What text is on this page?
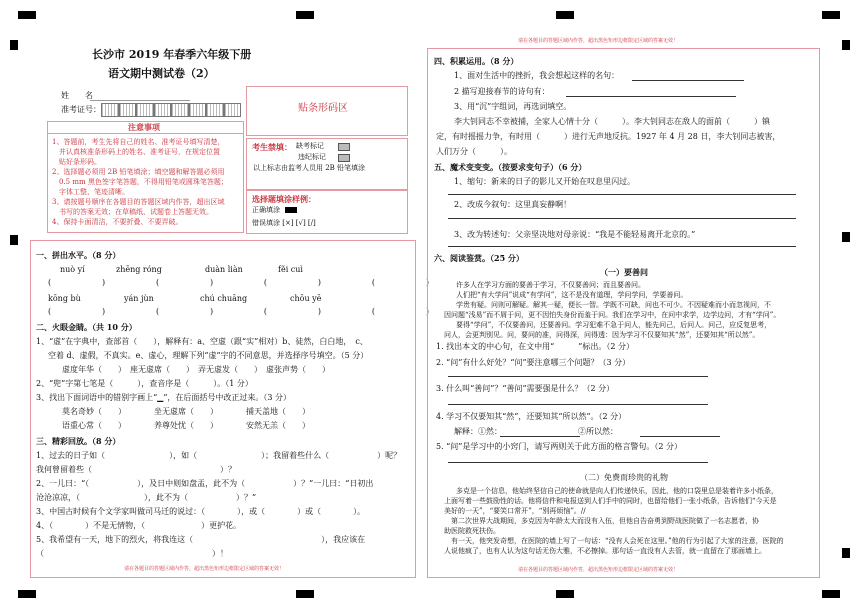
长沙市 2019 年春季六年级下册
语文期中测试卷（2）
姓　　名
准考证号：	贴条形码区
注意事项
1、答题前，考生先将自己的姓名、准考证号填写清楚，
　并认真核准条形码上的姓名、准考证号，在规定位置
　贴好条形码。
2、选择题必须用 2B 铅笔填涂；填空题和解答题必须用
　0.5 mm 黑色签字笔答题，不得用铅笔或圆珠笔答题；
　字体工整、笔迹清晰。
3、请按题号顺序在各题目的答题区域内作答，超出区域
　书写的答案无效；在草稿纸、试题卷上答题无效。
4、保持卡面清洁，不要折叠、不要弄破。
考生禁填： 缺考标记
违纪标记
以上标志由监考人员用 2B 铅笔填涂
选择题填涂样例：
正确填涂
错误填涂 [×] [√] [/]
请在各题目的答题区域内作答，超出黑色矩形边框限定区域的答案无效！
一、拼出水平。（8 分）
nuò yí	zhēng róng	duàn liàn	fěi cuì
(                    )                    (                    )                    (                    )                    (                    )
kōng bù	yán jùn	chú chuāng	chōu yē
(                    )                    (                    )                    (                    )                    (                    )
二、火眼金睛。（共 10 分）
1、“虚”在字典中，查部首（　　），解释有：a、空虚（跟“实”相对）b、徒然，白白地，　c、
空着 d、虚假，不真实。e、虚心，理解下列“虚”字的不同意思，并选择序号填空。（5 分）
虚度年华（　　）　座无虚席（　　）　弄无虚发（　　）　虚张声势（　　）
2、“兜”字第七笔是（　　　），查音序是（　　　）。（1 分）
3、找出下面词语中的错别字画上“▁”，在后面括号中改正过来。（3 分）
莫名奇妙（　　）　　　　坐无虚席（　　）　　　　捕天盖地（　　）
语重心常（　　）　　　　养尊处忧（　　）　　　　安然无羔（　　）
三、精彩回放。（8 分）
1、过去的日子如（　　　　　　　　），如（　　　　　　　　）；我留着些什么（　　　　　　）呢？
我何曾留着些（　　　　　　　　　　　　　　　　）？
2、一儿曰：“（　　　　　　），及日中则如盘盂，此不为（　　　　　　）？”一儿曰：“日初出
沧沧凉凉，（　　　　　　　　），此不为（　　　　　　）？”
3、中国古时候有个文学家叫做司马迁的说过：（　　　　），或（　　　　）或（　　　　）。
4、（　　　　）不是无情物，（　　　　　　　）更护花。
5、我希望有一天，地下的烈火，将我连这（　　　　　　　　　　　　　　　　），我应该在
（　　　　　　　　　　　　　　　　　　　　　）！
请在各题目的答题区域内作答，超出黑色矩形边框限定区域的答案无效！
请在各题目的答题区域内作答，超出黑色矩形边框限定区域的答案无效！
四、积累运用。（8 分）
1、面对生活中的挫折，我会想起这样的名句：
2 描写迎接春节的诗句有：
3、用“沉”字组词，再选词填空。
李大钊同志不幸被捕，全家人心情十分（　　　）。李大钊同志在敌人的面前（　　　）镇
定，有时摇摇力争，有时用（　　　）进行无声地反抗。1927 年 4 月 28 日，李大钊同志被害，
人们万分（　　　）。
五、魔术变变变。（按要求变句子）（6 分）
1、缩句：新来的日子的影儿又开始在叹息里闪过。
2、改成今叙句：这里真妄静啊！
3、改为转述句：父亲坚决地对母亲说：“我是不能轻易离开北京的。”
六、阅读鉴赏。（25 分）
（一）要善问
许多人在学习方面的要善于学习，不仅要善问；而且要善问。
人们把“有大学问”说成“有学问”，这不是没有道理，学问学问，学要善问。
学贵有疑。问则可解疑。解其一疑，便长一智。学既不可缺，问也不可少。不因疑难而小而忽视问，不
因问题“浅易”而不屑于问，更不因怕失身份而羞于问。我们在学习中，在问中求学，边学边问，才有“学问”。
要得“学问”，不仅要善问，还要善问。学习犯难不急于问人，能先问己，后问人。问己，应反复思考，
问人，会更判别见。问，要问的准，问得深，问得透：因为学习不仅要知其“然”，还要知其“所以然”。
1. 找出本文的中心句，在文中用“　　　”标出。（2 分）
2. “问”有什么好处？“问”要注意哪三个问题？（3 分）
3. 什么叫“善问”？“善问”需要强是什么？（2 分）
4. 学习不仅要知其“然”，还要知其“所以然”。（2 分）
解释：①然：　　　　　　　　　　②所以然：
5. “问”是学习中的小窍门，请写两则关于此方面的格言警句。（2 分）
（二）免费而珍贵的礼物
多克是一个信息，他始终坚信自己的使命就是向人们传递快乐，因此，他的口袋里总是装着许多小纸条，
上面写着一些鼓励性的话。他将信件和电报送到人们手中的同时，也留给他们一张小纸条，告诉他们“今天是
美好的一天”，“要笑口常开”，“别再烦恼”。//
　第二次世界大战期间，多克因为年龄太大而没有入伍，但他自告奋勇到野战医院做了一名志愿者，协
助医院救死扶伤。
　有一天，他突发奇想，在医院的墙上写了一句话：“没有人会死在这里。”他的行为引起了大家的注意，医院的
人说他疯了，也有人认为这句话无伤大雅，不必擦掉。那句话一直没有人去管，就一直留在了那面墙上。
